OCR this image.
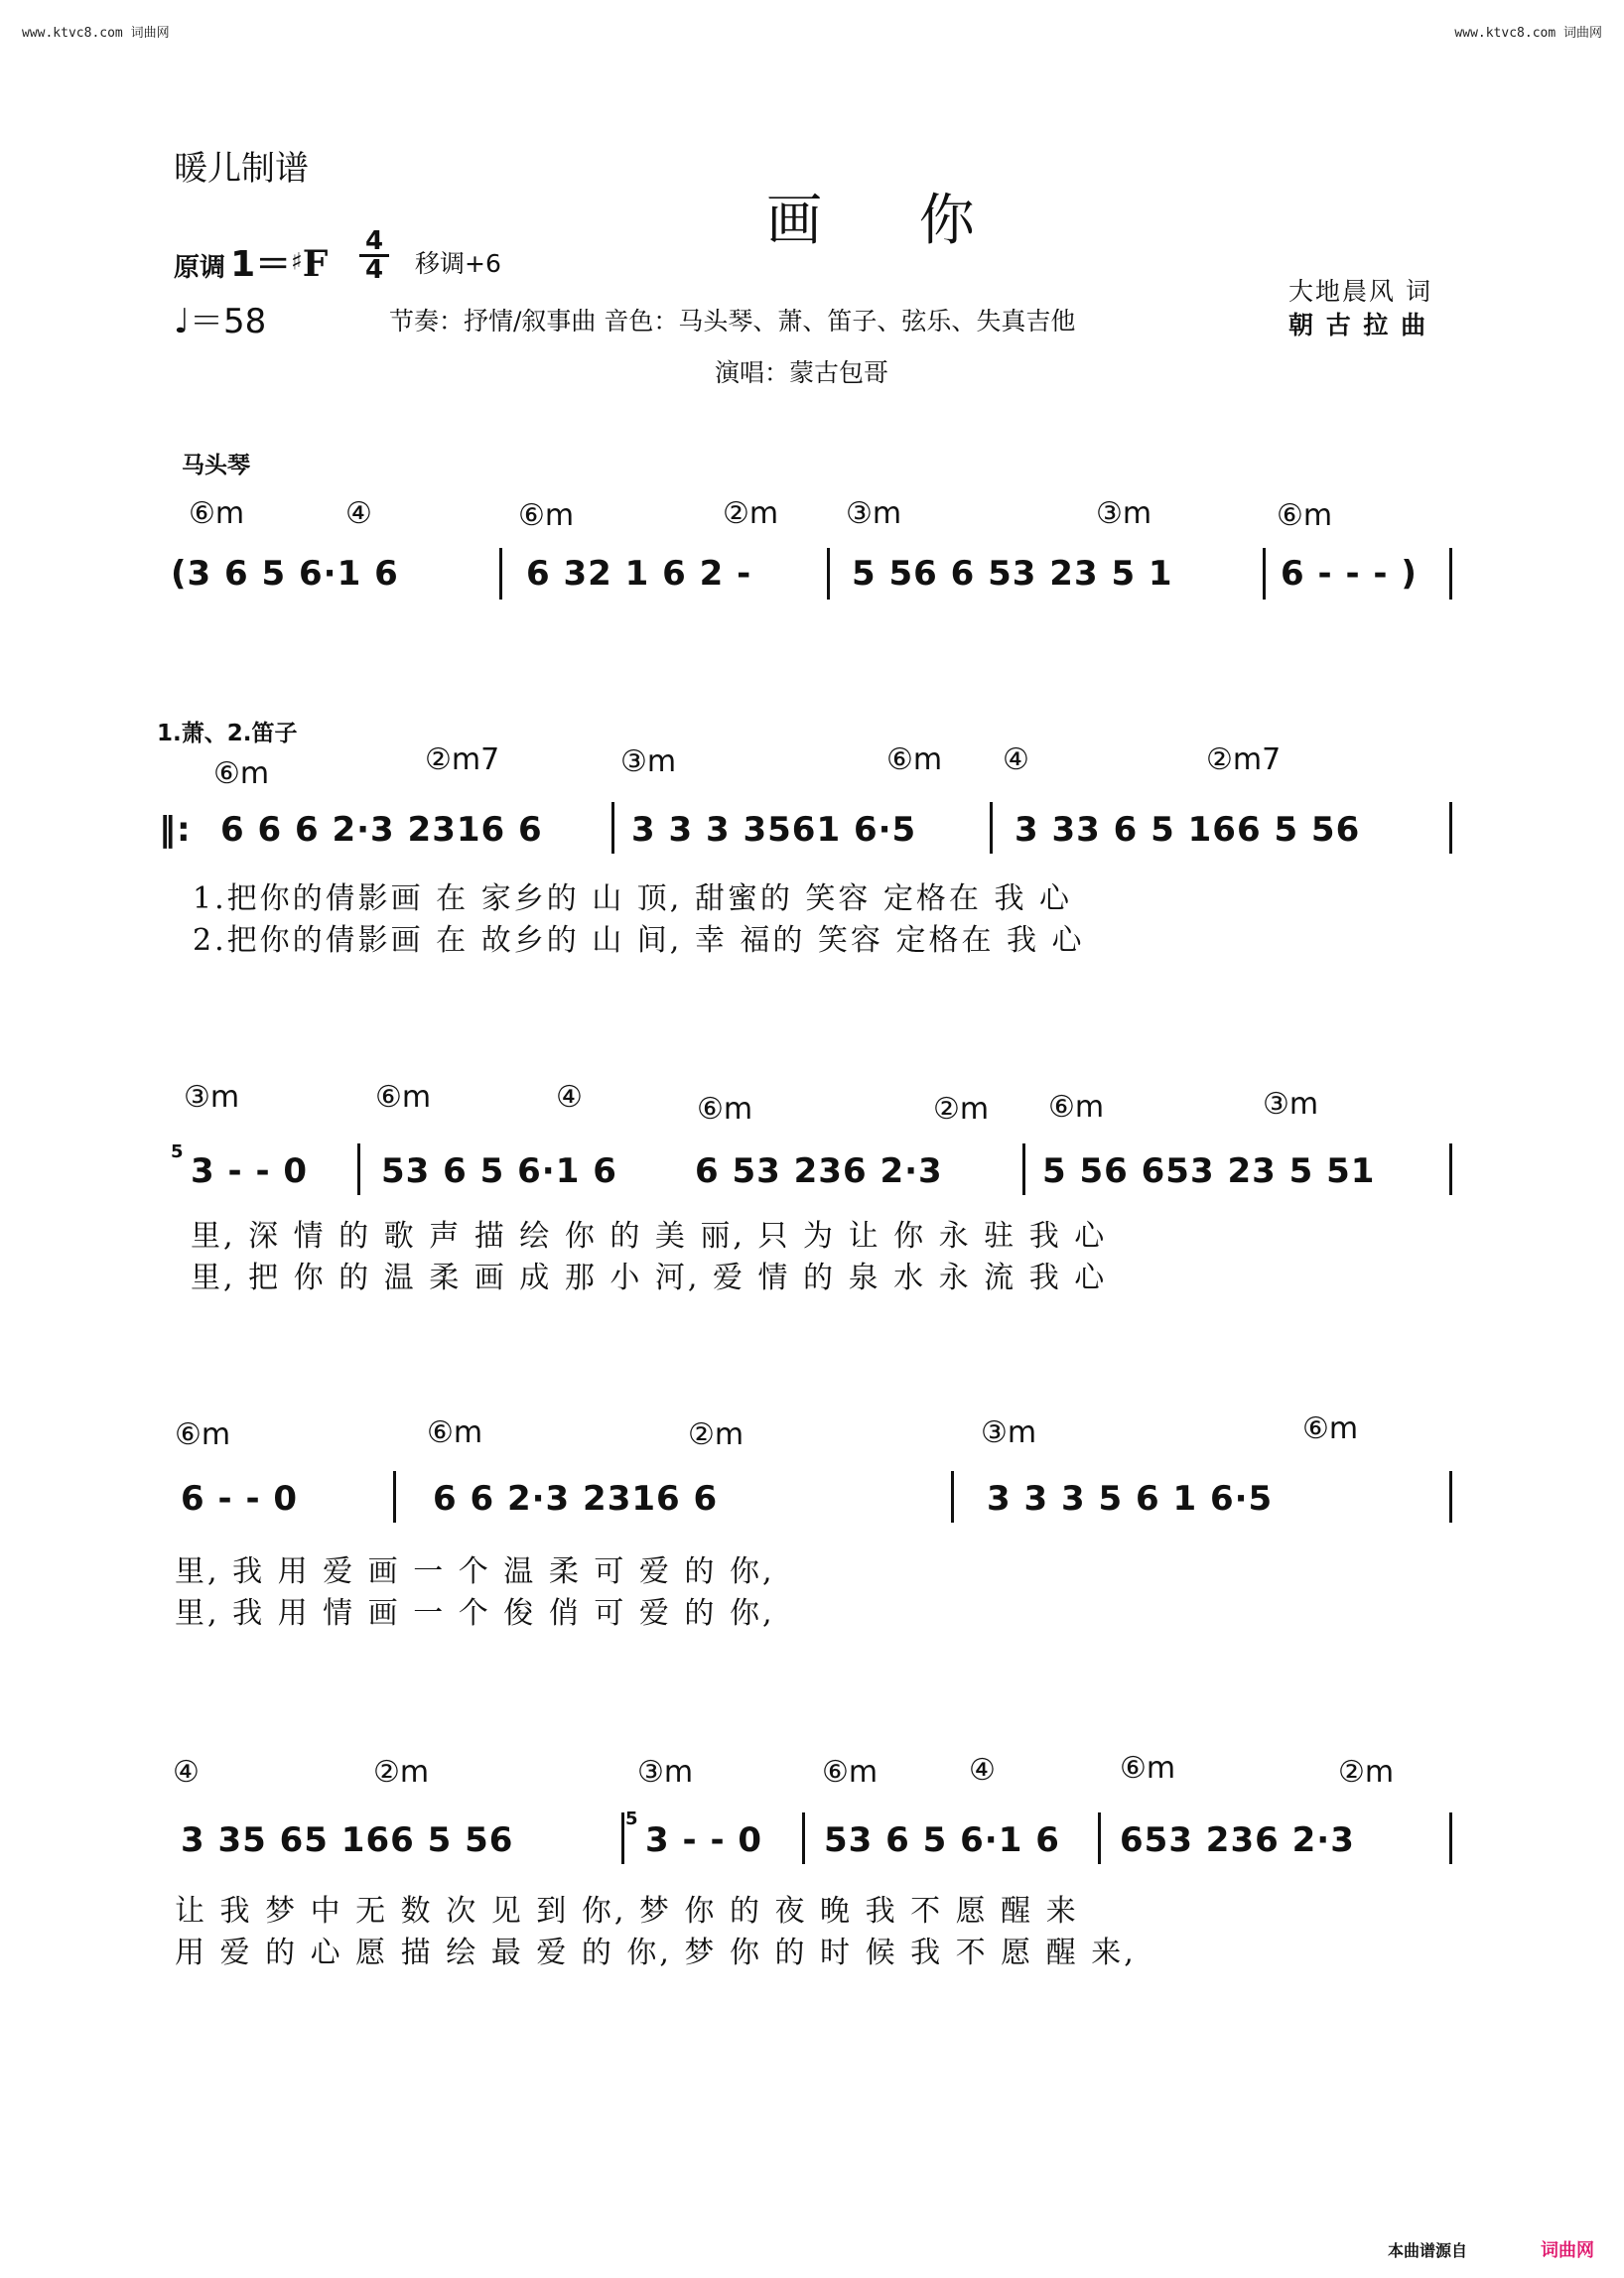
www.ktvc8.com 词曲网	www.ktvc8.com 词曲网
暖儿制谱
画 你
原调 1＝♯F
4
4 移调+6
♩＝58	节奏：抒情/叙事曲 音色：马头琴、萧、笛子、弦乐、失真吉他
演唱：蒙古包哥
大地晨风 词
朝 古 拉 曲
马头琴
⑥m	④	⑥m	②m ③m	③m	⑥m
(3 6 5 6·1 6	6 32 1 6 2 -	5 56 6 53 23 5 1	6 - - - )
1.萧、2.笛子
⑥m	②m7	③m	⑥m ④	②m7
‖: 6 6 6 2·3 2316 6	3 3 3 3561 6·5	3 33 6 5 166 5 56
1.把你的倩影画 在 家乡的 山 顶, 甜蜜的 笑容 定格在 我 心
2.把你的倩影画 在 故乡的 山 间, 幸 福的 笑容 定格在 我 心
③m	⑥m	④	⑥m	②m ⑥m	③m
5 3 - - 0 53 6 5 6·1 6 6 53 236 2·3	5 56 653 23 5 51
里, 深 情 的 歌 声 描 绘 你 的 美 丽, 只 为 让 你 永 驻 我 心
里, 把 你 的 温 柔 画 成 那 小 河, 爱 情 的 泉 水 永 流 我 心
⑥m	⑥m	②m	③m	⑥m
6 - - 0	6 6 2·3 2316 6	3 3 3 5 6 1 6·5
里, 我 用 爱 画 一 个 温 柔 可 爱 的 你,
里, 我 用 情 画 一 个 俊 俏 可 爱 的 你,
④	②m	③m	⑥m	④	⑥m	②m
3 35 65 166 5 56
5
3 - - 0 53 6 5 6·1 6 653 236 2·3
让 我 梦 中 无 数 次 见 到 你, 梦 你 的 夜 晚 我 不 愿 醒 来
用 爱 的 心 愿 描 绘 最 爱 的 你, 梦 你 的 时 候 我 不 愿 醒 来,
本曲谱源自	词曲网
